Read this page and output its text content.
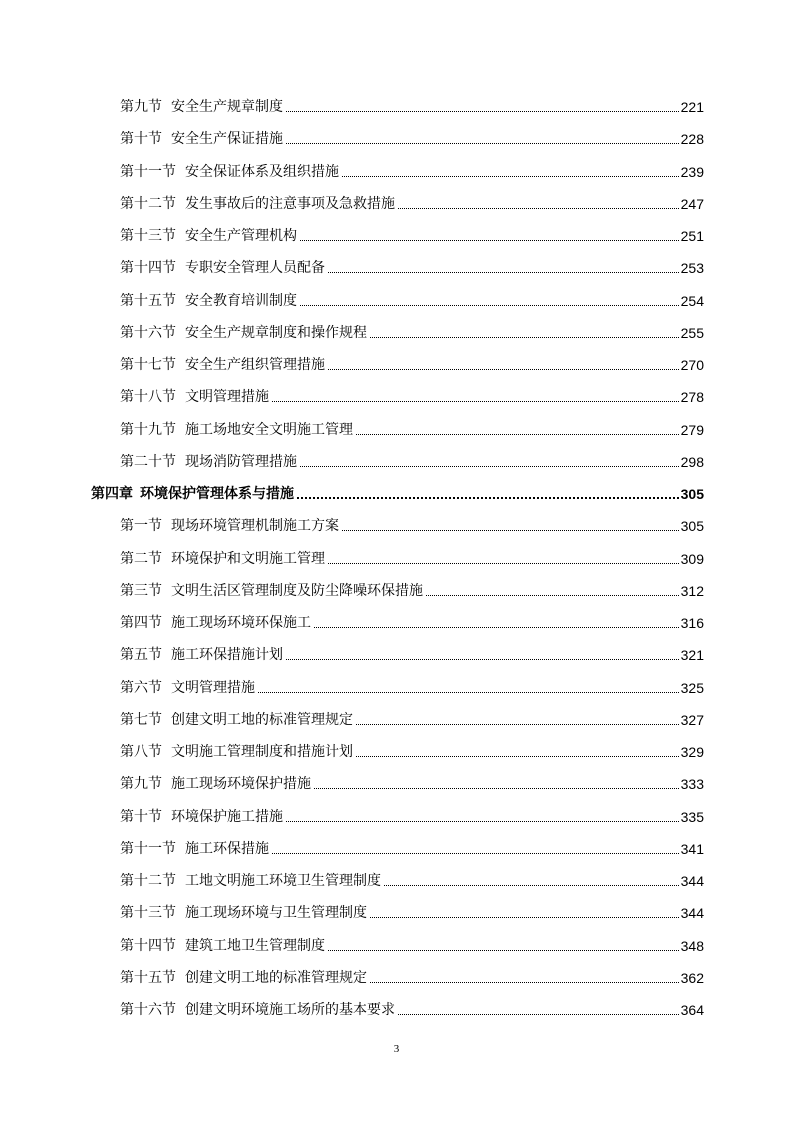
第九节 安全生产规章制度	221
第十节 安全生产保证措施	228
第十一节 安全保证体系及组织措施	239
第十二节 发生事故后的注意事项及急救措施	247
第十三节 安全生产管理机构	251
第十四节 专职安全管理人员配备	253
第十五节 安全教育培训制度	254
第十六节 安全生产规章制度和操作规程	255
第十七节 安全生产组织管理措施	270
第十八节 文明管理措施	278
第十九节 施工场地安全文明施工管理	279
第二十节 现场消防管理措施	298
第四章 环境保护管理体系与措施	305
第一节 现场环境管理机制施工方案	305
第二节 环境保护和文明施工管理	309
第三节 文明生活区管理制度及防尘降噪环保措施	312
第四节 施工现场环境环保施工	316
第五节 施工环保措施计划	321
第六节 文明管理措施	325
第七节 创建文明工地的标准管理规定	327
第八节 文明施工管理制度和措施计划	329
第九节 施工现场环境保护措施	333
第十节 环境保护施工措施	335
第十一节 施工环保措施	341
第十二节 工地文明施工环境卫生管理制度	344
第十三节 施工现场环境与卫生管理制度	344
第十四节 建筑工地卫生管理制度	348
第十五节 创建文明工地的标准管理规定	362
第十六节 创建文明环境施工场所的基本要求	364
3
